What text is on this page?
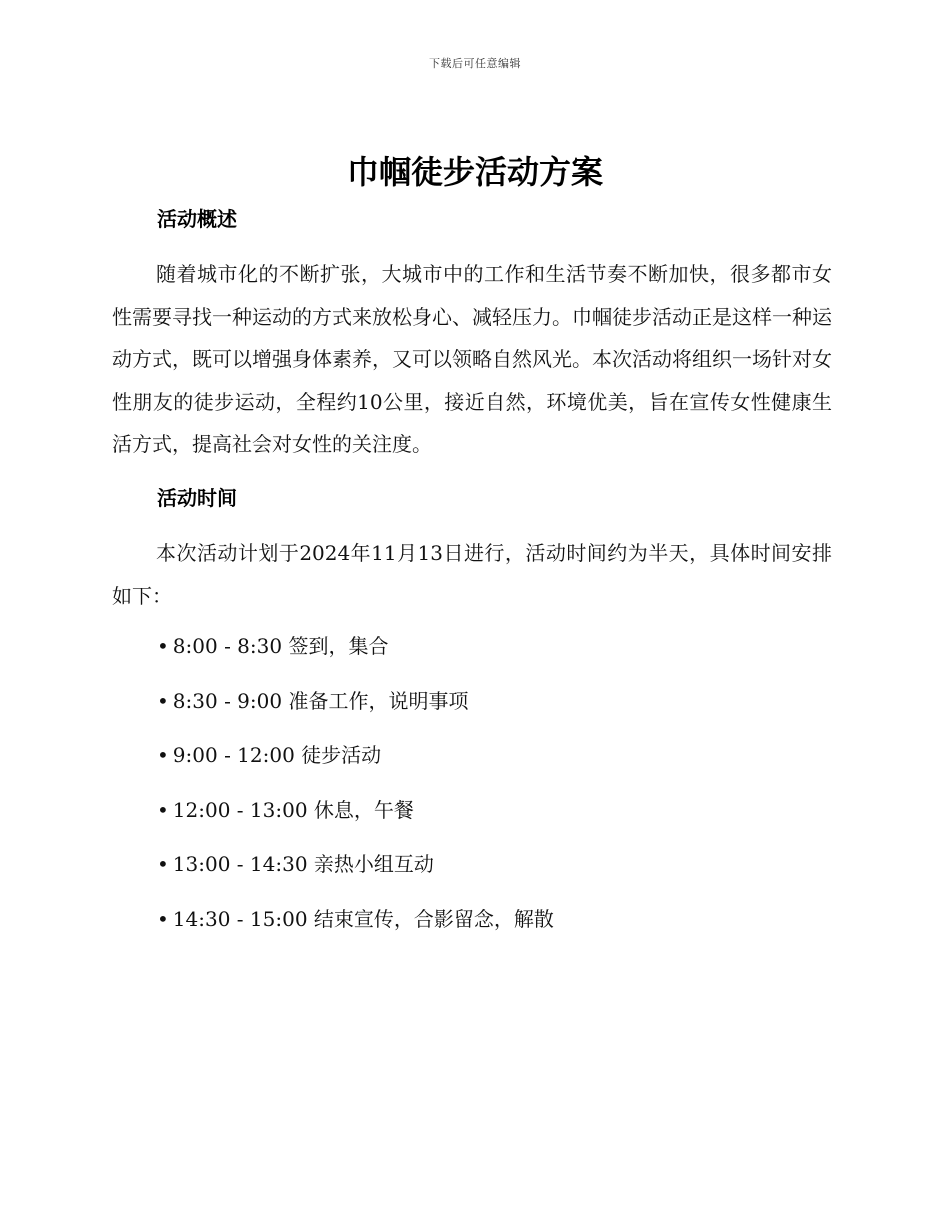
下载后可任意编辑
巾帼徒步活动方案
活动概述

随着城市化的不断扩张，大城市中的工作和生活节奏不断加快，很多都市女性需要寻找一种运动的方式来放松身心、减轻压力。巾帼徒步活动正是这样一种运动方式，既可以增强身体素养，又可以领略自然风光。本次活动将组织一场针对女性朋友的徒步运动，全程约10公里，接近自然，环境优美，旨在宣传女性健康生活方式，提高社会对女性的关注度。

活动时间

本次活动计划于2024年11月13日进行，活动时间约为半天，具体时间安排如下：

• 8:00 - 8:30 签到，集合
• 8:30 - 9:00 准备工作，说明事项
• 9:00 - 12:00 徒步活动
• 12:00 - 13:00 休息，午餐
• 13:00 - 14:30 亲热小组互动
• 14:30 - 15:00 结束宣传，合影留念，解散
